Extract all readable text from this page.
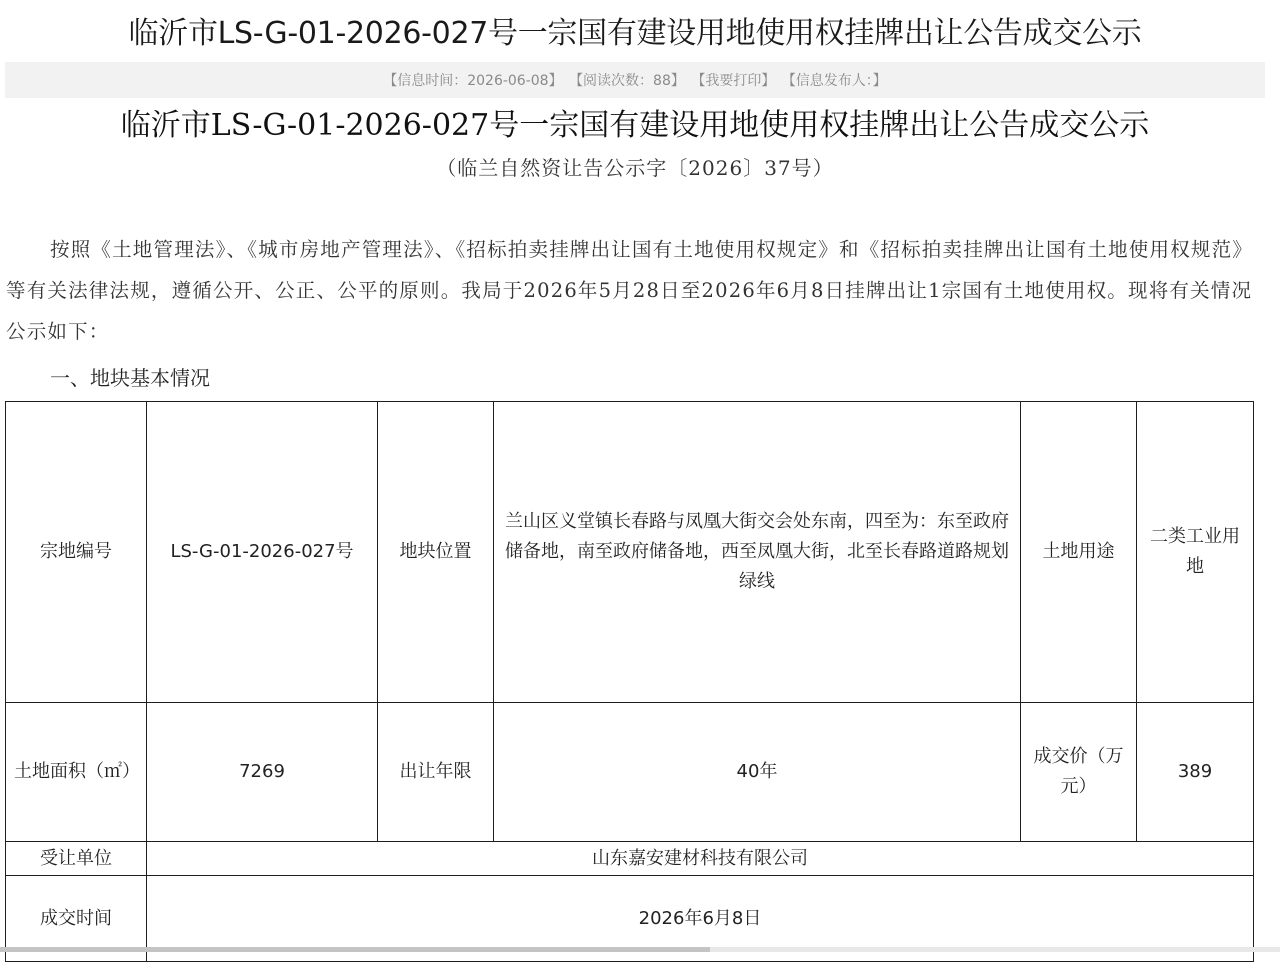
临沂市LS-G-01-2026-027号一宗国有建设用地使用权挂牌出让公告成交公示
【信息时间：2026-06-08】 【阅读次数：88】 【我要打印】 【信息发布人：】
临沂市LS-G-01-2026-027号一宗国有建设用地使用权挂牌出让公告成交公示
（临兰自然资让告公示字〔2026〕37号）
按照《土地管理法》、《城市房地产管理法》、《招标拍卖挂牌出让国有土地使用权规定》和《招标拍卖挂牌出让国有土地使用权规范》等有关法律法规，遵循公开、公正、公平的原则。我局于2026年5月28日至2026年6月8日挂牌出让1宗国有土地使用权。现将有关情况公示如下：
一、地块基本情况
宗地编号	LS-G-01-2026-027号	地块位置	兰山区义堂镇长春路与凤凰大街交会处东南，四至为：东至政府储备地，南至政府储备地，西至凤凰大街，北至长春路道路规划绿线	土地用途	二类工业用地
土地面积（㎡）	7269	出让年限	40年	成交价（万元）	389
受让单位	山东嘉安建材科技有限公司				
成交时间	2026年6月8日				
